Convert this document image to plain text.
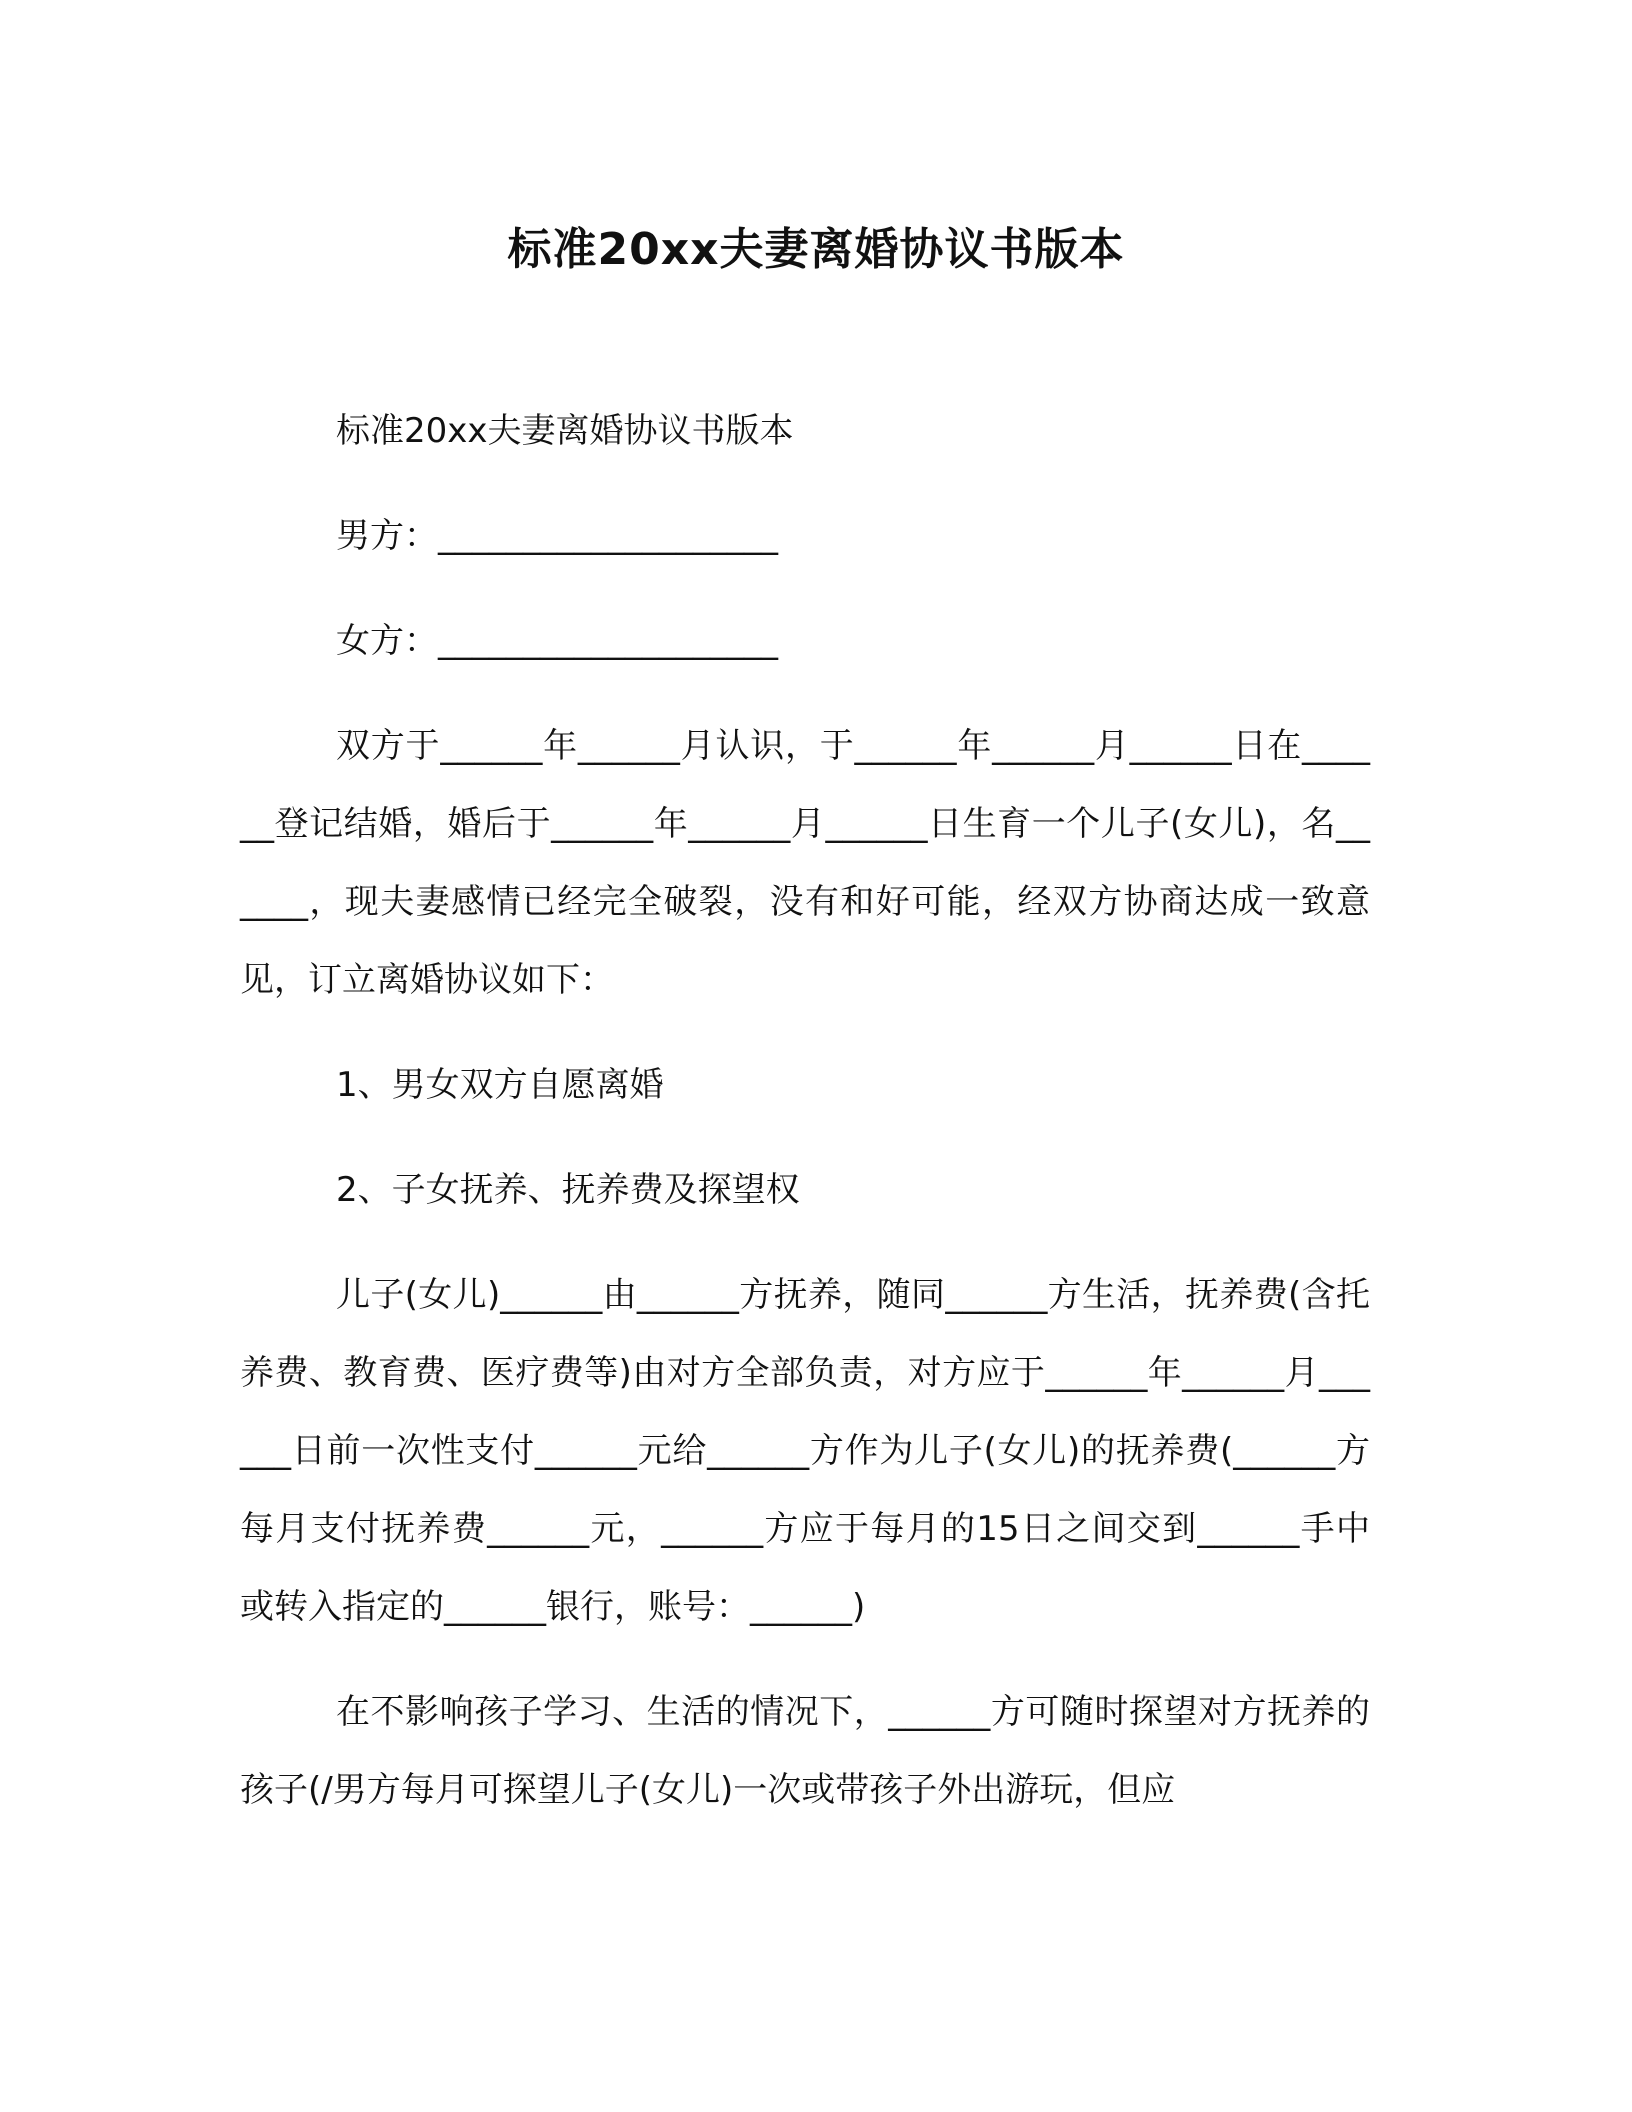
标准20xx夫妻离婚协议书版本

标准20xx夫妻离婚协议书版本

男方：____________________

女方：____________________

双方于______年______月认识，于______年______月______日在______登记结婚，婚后于______年______月______日生育一个儿子(女儿)，名______，现夫妻感情已经完全破裂，没有和好可能，经双方协商达成一致意见，订立离婚协议如下：

1、男女双方自愿离婚

2、子女抚养、抚养费及探望权

儿子(女儿)______由______方抚养，随同______方生活，抚养费(含托养费、教育费、医疗费等)由对方全部负责，对方应于______年______月______日前一次性支付______元给______方作为儿子(女儿)的抚养费(______方每月支付抚养费______元，______方应于每月的15日之间交到______手中或转入指定的______银行，账号：______)

在不影响孩子学习、生活的情况下，______方可随时探望对方抚养的孩子(/男方每月可探望儿子(女儿)一次或带孩子外出游玩，但应
